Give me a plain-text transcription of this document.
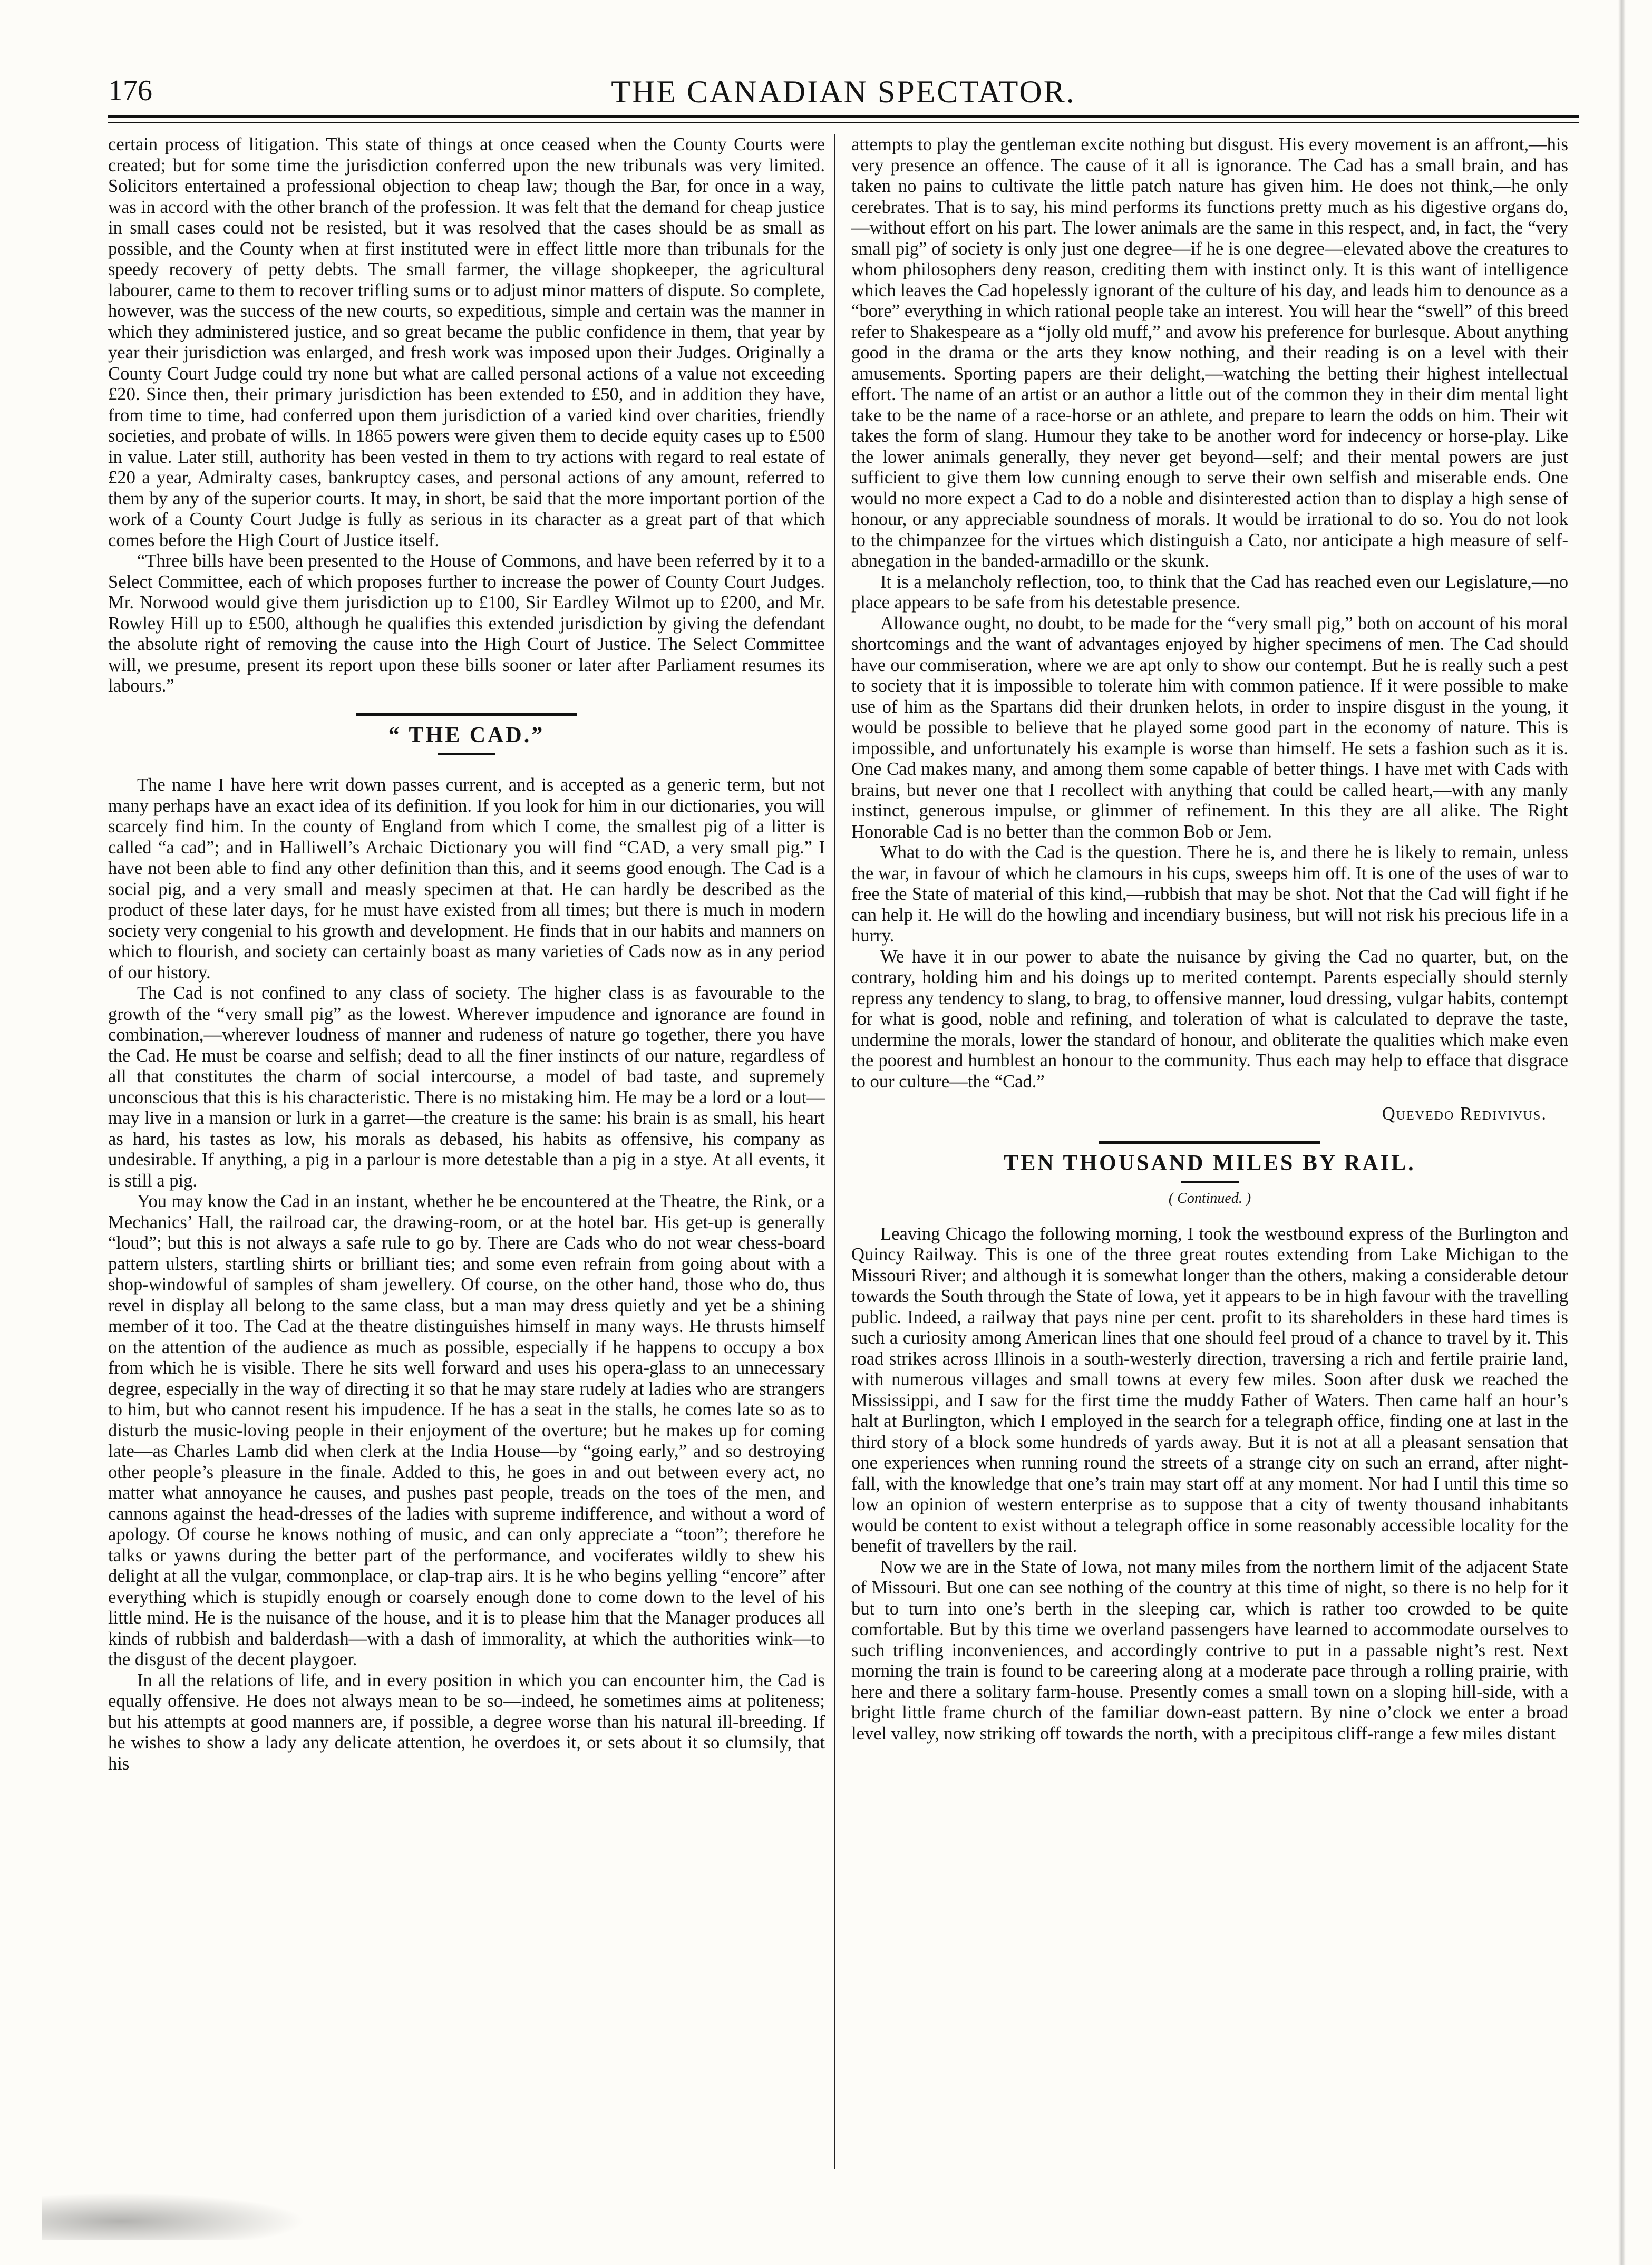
176	THE CANADIAN SPECTATOR.

certain process of litigation. This state of things at once ceased when the County Courts were created; but for some time the jurisdiction conferred upon the new tribunals was very limited. Solicitors entertained a professional objection to cheap law; though the Bar, for once in a way, was in accord with the other branch of the profession. It was felt that the demand for cheap justice in small cases could not be resisted, but it was resolved that the cases should be as small as possible, and the County when at first instituted were in effect little more than tribunals for the speedy recovery of petty debts. The small farmer, the village shopkeeper, the agricultural labourer, came to them to recover trifling sums or to adjust minor matters of dispute. So complete, however, was the success of the new courts, so expeditious, simple and certain was the manner in which they administered justice, and so great became the public confidence in them, that year by year their jurisdiction was enlarged, and fresh work was imposed upon their Judges. Originally a County Court Judge could try none but what are called personal actions of a value not exceeding £20. Since then, their primary jurisdiction has been extended to £50, and in addition they have, from time to time, had conferred upon them jurisdiction of a varied kind over charities, friendly societies, and probate of wills. In 1865 powers were given them to decide equity cases up to £500 in value. Later still, authority has been vested in them to try actions with regard to real estate of £20 a year, Admiralty cases, bankruptcy cases, and personal actions of any amount, referred to them by any of the superior courts. It may, in short, be said that the more important portion of the work of a County Court Judge is fully as serious in its character as a great part of that which comes before the High Court of Justice itself.

“Three bills have been presented to the House of Commons, and have been referred by it to a Select Committee, each of which proposes further to increase the power of County Court Judges. Mr. Norwood would give them jurisdiction up to £100, Sir Eardley Wilmot up to £200, and Mr. Rowley Hill up to £500, although he qualifies this extended jurisdiction by giving the defendant the absolute right of removing the cause into the High Court of Justice. The Select Committee will, we presume, present its report upon these bills sooner or later after Parliament resumes its labours.”

“ THE CAD.”

The name I have here writ down passes current, and is accepted as a generic term, but not many perhaps have an exact idea of its definition. If you look for him in our dictionaries, you will scarcely find him. In the county of England from which I come, the smallest pig of a litter is called “a cad”; and in Halliwell’s Archaic Dictionary you will find “CAD, a very small pig.” I have not been able to find any other definition than this, and it seems good enough. The Cad is a social pig, and a very small and measly specimen at that. He can hardly be described as the product of these later days, for he must have existed from all times; but there is much in modern society very congenial to his growth and development. He finds that in our habits and manners on which to flourish, and society can certainly boast as many varieties of Cads now as in any period of our history.

The Cad is not confined to any class of society. The higher class is as favourable to the growth of the “very small pig” as the lowest. Wherever impudence and ignorance are found in combination,—wherever loudness of manner and rudeness of nature go together, there you have the Cad. He must be coarse and selfish; dead to all the finer instincts of our nature, regardless of all that constitutes the charm of social intercourse, a model of bad taste, and supremely unconscious that this is his characteristic. There is no mistaking him. He may be a lord or a lout—may live in a mansion or lurk in a garret—the creature is the same: his brain is as small, his heart as hard, his tastes as low, his morals as debased, his habits as offensive, his company as undesirable. If anything, a pig in a parlour is more detestable than a pig in a stye. At all events, it is still a pig.

You may know the Cad in an instant, whether he be encountered at the Theatre, the Rink, or a Mechanics’ Hall, the railroad car, the drawing-room, or at the hotel bar. His get-up is generally “loud”; but this is not always a safe rule to go by. There are Cads who do not wear chess-board pattern ulsters, startling shirts or brilliant ties; and some even refrain from going about with a shop-windowful of samples of sham jewellery. Of course, on the other hand, those who do, thus revel in display all belong to the same class, but a man may dress quietly and yet be a shining member of it too. The Cad at the theatre distinguishes himself in many ways. He thrusts himself on the attention of the audience as much as possible, especially if he happens to occupy a box from which he is visible. There he sits well forward and uses his opera-glass to an unnecessary degree, especially in the way of directing it so that he may stare rudely at ladies who are strangers to him, but who cannot resent his impudence. If he has a seat in the stalls, he comes late so as to disturb the music-loving people in their enjoyment of the overture; but he makes up for coming late—as Charles Lamb did when clerk at the India House—by “going early,” and so destroying other people’s pleasure in the finale. Added to this, he goes in and out between every act, no matter what annoyance he causes, and pushes past people, treads on the toes of the men, and cannons against the head-dresses of the ladies with supreme indifference, and without a word of apology. Of course he knows nothing of music, and can only appreciate a “toon”; therefore he talks or yawns during the better part of the performance, and vociferates wildly to shew his delight at all the vulgar, commonplace, or clap-trap airs. It is he who begins yelling “encore” after everything which is stupidly enough or coarsely enough done to come down to the level of his little mind. He is the nuisance of the house, and it is to please him that the Manager produces all kinds of rubbish and balderdash—with a dash of immorality, at which the authorities wink—to the disgust of the decent playgoer.

In all the relations of life, and in every position in which you can encounter him, the Cad is equally offensive. He does not always mean to be so—indeed, he sometimes aims at politeness; but his attempts at good manners are, if possible, a degree worse than his natural ill-breeding. If he wishes to show a lady any delicate attention, he overdoes it, or sets about it so clumsily, that his

attempts to play the gentleman excite nothing but disgust. His every movement is an affront,—his very presence an offence. The cause of it all is ignorance. The Cad has a small brain, and has taken no pains to cultivate the little patch nature has given him. He does not think,—he only cerebrates. That is to say, his mind performs its functions pretty much as his digestive organs do,—without effort on his part. The lower animals are the same in this respect, and, in fact, the “very small pig” of society is only just one degree—if he is one degree—elevated above the creatures to whom philosophers deny reason, crediting them with instinct only. It is this want of intelligence which leaves the Cad hopelessly ignorant of the culture of his day, and leads him to denounce as a “bore” everything in which rational people take an interest. You will hear the “swell” of this breed refer to Shakespeare as a “jolly old muff,” and avow his preference for burlesque. About anything good in the drama or the arts they know nothing, and their reading is on a level with their amusements. Sporting papers are their delight,—watching the betting their highest intellectual effort. The name of an artist or an author a little out of the common they in their dim mental light take to be the name of a race-horse or an athlete, and prepare to learn the odds on him. Their wit takes the form of slang. Humour they take to be another word for indecency or horse-play. Like the lower animals generally, they never get beyond—self; and their mental powers are just sufficient to give them low cunning enough to serve their own selfish and miserable ends. One would no more expect a Cad to do a noble and disinterested action than to display a high sense of honour, or any appreciable soundness of morals. It would be irrational to do so. You do not look to the chimpanzee for the virtues which distinguish a Cato, nor anticipate a high measure of self-abnegation in the banded-armadillo or the skunk.

It is a melancholy reflection, too, to think that the Cad has reached even our Legislature,—no place appears to be safe from his detestable presence.

Allowance ought, no doubt, to be made for the “very small pig,” both on account of his moral shortcomings and the want of advantages enjoyed by higher specimens of men. The Cad should have our commiseration, where we are apt only to show our contempt. But he is really such a pest to society that it is impossible to tolerate him with common patience. If it were possible to make use of him as the Spartans did their drunken helots, in order to inspire disgust in the young, it would be possible to believe that he played some good part in the economy of nature. This is impossible, and unfortunately his example is worse than himself. He sets a fashion such as it is. One Cad makes many, and among them some capable of better things. I have met with Cads with brains, but never one that I recollect with anything that could be called heart,—with any manly instinct, generous impulse, or glimmer of refinement. In this they are all alike. The Right Honorable Cad is no better than the common Bob or Jem.

What to do with the Cad is the question. There he is, and there he is likely to remain, unless the war, in favour of which he clamours in his cups, sweeps him off. It is one of the uses of war to free the State of material of this kind,—rubbish that may be shot. Not that the Cad will fight if he can help it. He will do the howling and incendiary business, but will not risk his precious life in a hurry.

We have it in our power to abate the nuisance by giving the Cad no quarter, but, on the contrary, holding him and his doings up to merited contempt. Parents especially should sternly repress any tendency to slang, to brag, to offensive manner, loud dressing, vulgar habits, contempt for what is good, noble and refining, and toleration of what is calculated to deprave the taste, undermine the morals, lower the standard of honour, and obliterate the qualities which make even the poorest and humblest an honour to the community. Thus each may help to efface that disgrace to our culture—the “Cad.”

Quevedo Redivivus.
TEN THOUSAND MILES BY RAIL.
( Continued. )

Leaving Chicago the following morning, I took the westbound express of the Burlington and Quincy Railway. This is one of the three great routes extending from Lake Michigan to the Missouri River; and although it is somewhat longer than the others, making a considerable detour towards the South through the State of Iowa, yet it appears to be in high favour with the travelling public. Indeed, a railway that pays nine per cent. profit to its shareholders in these hard times is such a curiosity among American lines that one should feel proud of a chance to travel by it. This road strikes across Illinois in a south-westerly direction, traversing a rich and fertile prairie land, with numerous villages and small towns at every few miles. Soon after dusk we reached the Mississippi, and I saw for the first time the muddy Father of Waters. Then came half an hour’s halt at Burlington, which I employed in the search for a telegraph office, finding one at last in the third story of a block some hundreds of yards away. But it is not at all a pleasant sensation that one experiences when running round the streets of a strange city on such an errand, after night-fall, with the knowledge that one’s train may start off at any moment. Nor had I until this time so low an opinion of western enterprise as to suppose that a city of twenty thousand inhabitants would be content to exist without a telegraph office in some reasonably accessible locality for the benefit of travellers by the rail.

Now we are in the State of Iowa, not many miles from the northern limit of the adjacent State of Missouri. But one can see nothing of the country at this time of night, so there is no help for it but to turn into one’s berth in the sleeping car, which is rather too crowded to be quite comfortable. But by this time we overland passengers have learned to accommodate ourselves to such trifling inconveniences, and accordingly contrive to put in a passable night’s rest. Next morning the train is found to be careering along at a moderate pace through a rolling prairie, with here and there a solitary farm-house. Presently comes a small town on a sloping hill-side, with a bright little frame church of the familiar down-east pattern. By nine o’clock we enter a broad level valley, now striking off towards the north, with a precipitous cliff-range a few miles distant
